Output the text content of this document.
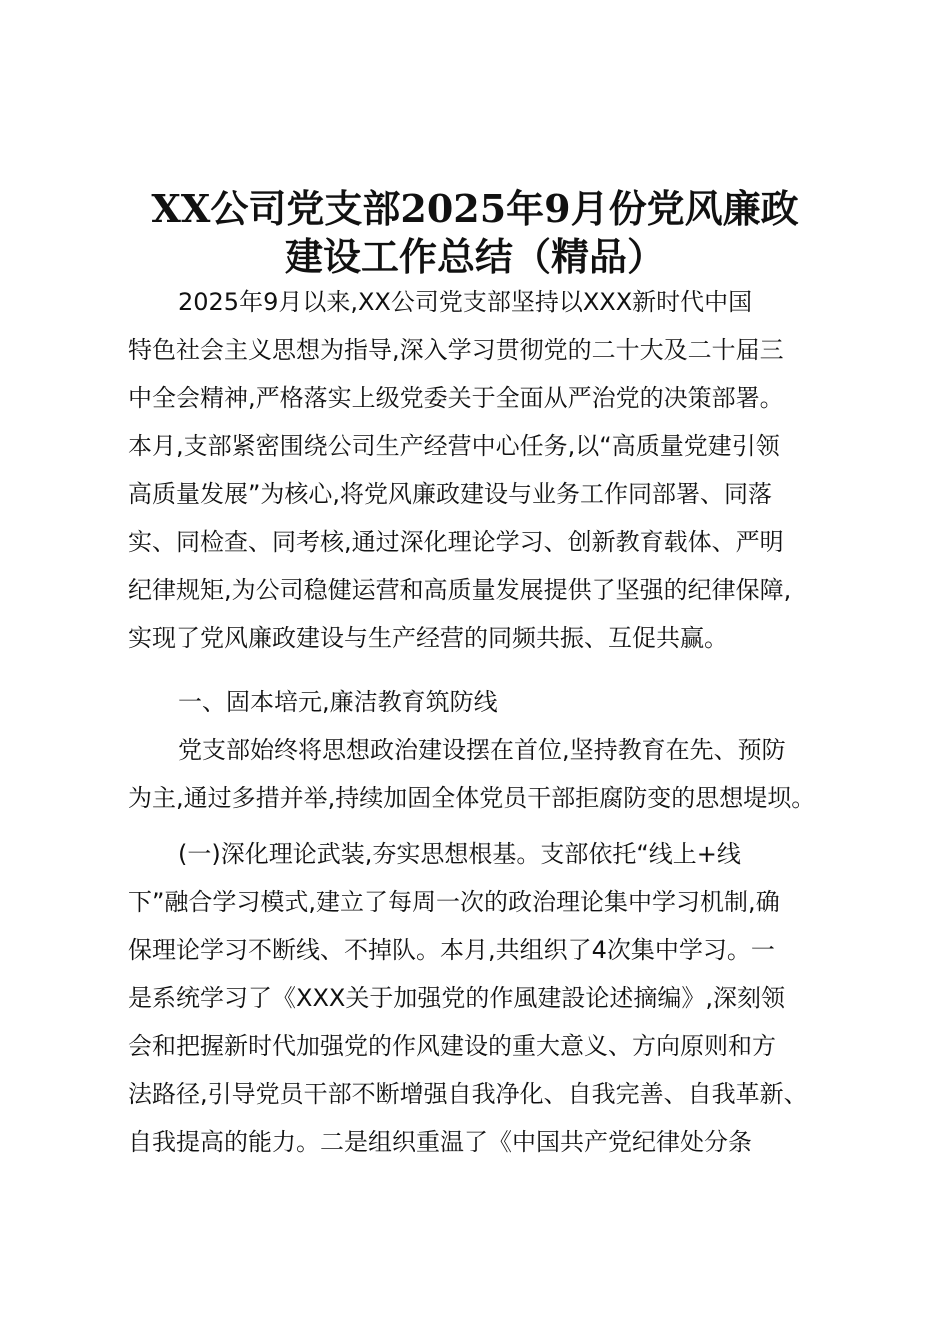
XX公司党支部2025年9月份党风廉政
建设工作总结（精品）

2025年9月以来,XX公司党支部坚持以XXX新时代中国

特色社会主义思想为指导,深入学习贯彻党的二十大及二十届三

中全会精神,严格落实上级党委关于全面从严治党的决策部署。

本月,支部紧密围绕公司生产经营中心任务,以“高质量党建引领

高质量发展”为核心,将党风廉政建设与业务工作同部署、同落

实、同检查、同考核,通过深化理论学习、创新教育载体、严明

纪律规矩,为公司稳健运营和高质量发展提供了坚强的纪律保障,

实现了党风廉政建设与生产经营的同频共振、互促共赢。

一、固本培元,廉洁教育筑防线

党支部始终将思想政治建设摆在首位,坚持教育在先、预防

为主,通过多措并举,持续加固全体党员干部拒腐防变的思想堤坝。

(一)深化理论武装,夯实思想根基。支部依托“线上+线

下”融合学习模式,建立了每周一次的政治理论集中学习机制,确

保理论学习不断线、不掉队。本月,共组织了4次集中学习。一

是系统学习了《XXX关于加强党的作風建設论述摘编》,深刻领

会和把握新时代加强党的作风建设的重大意义、方向原则和方

法路径,引导党员干部不断增强自我净化、自我完善、自我革新、

自我提高的能力。二是组织重温了《中国共产党纪律处分条
